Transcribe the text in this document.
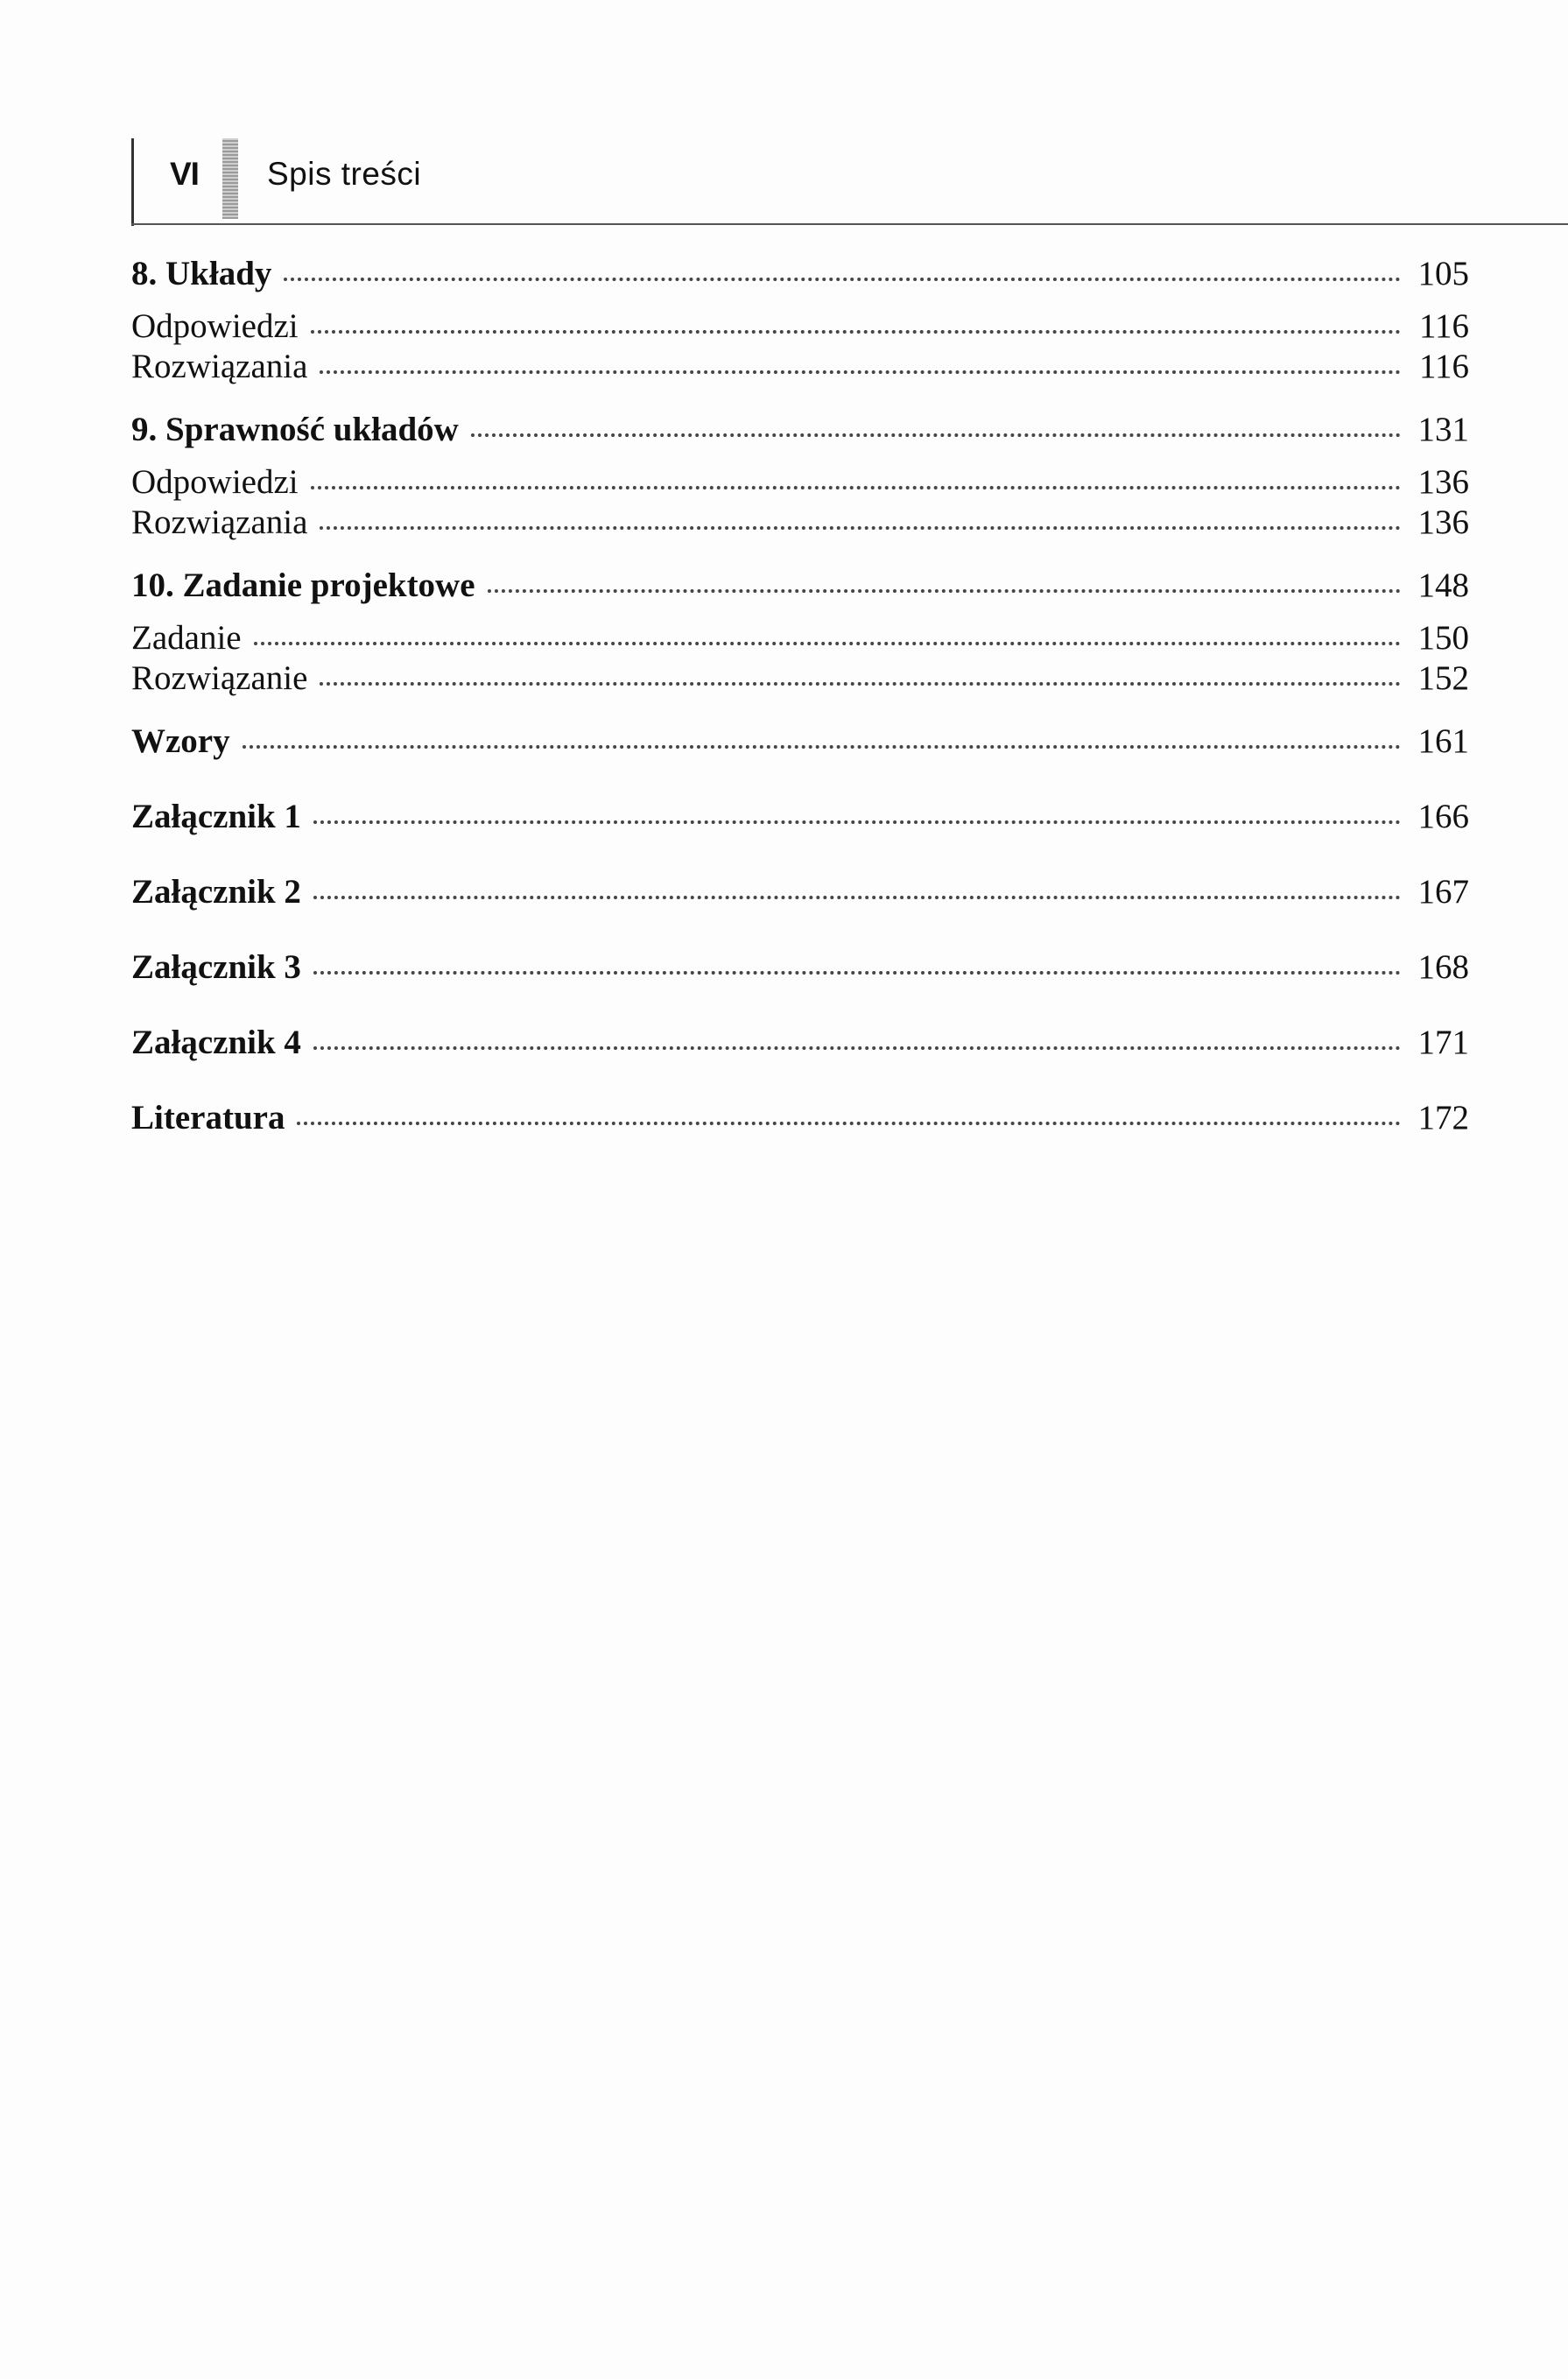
VI Spis treści
8. Układy	105
Odpowiedzi	116
Rozwiązania	116
9. Sprawność układów	131
Odpowiedzi	136
Rozwiązania	136
10. Zadanie projektowe	148
Zadanie	150
Rozwiązanie	152
Wzory	161
Załącznik 1	166
Załącznik 2	167
Załącznik 3	168
Załącznik 4	171
Literatura	172
